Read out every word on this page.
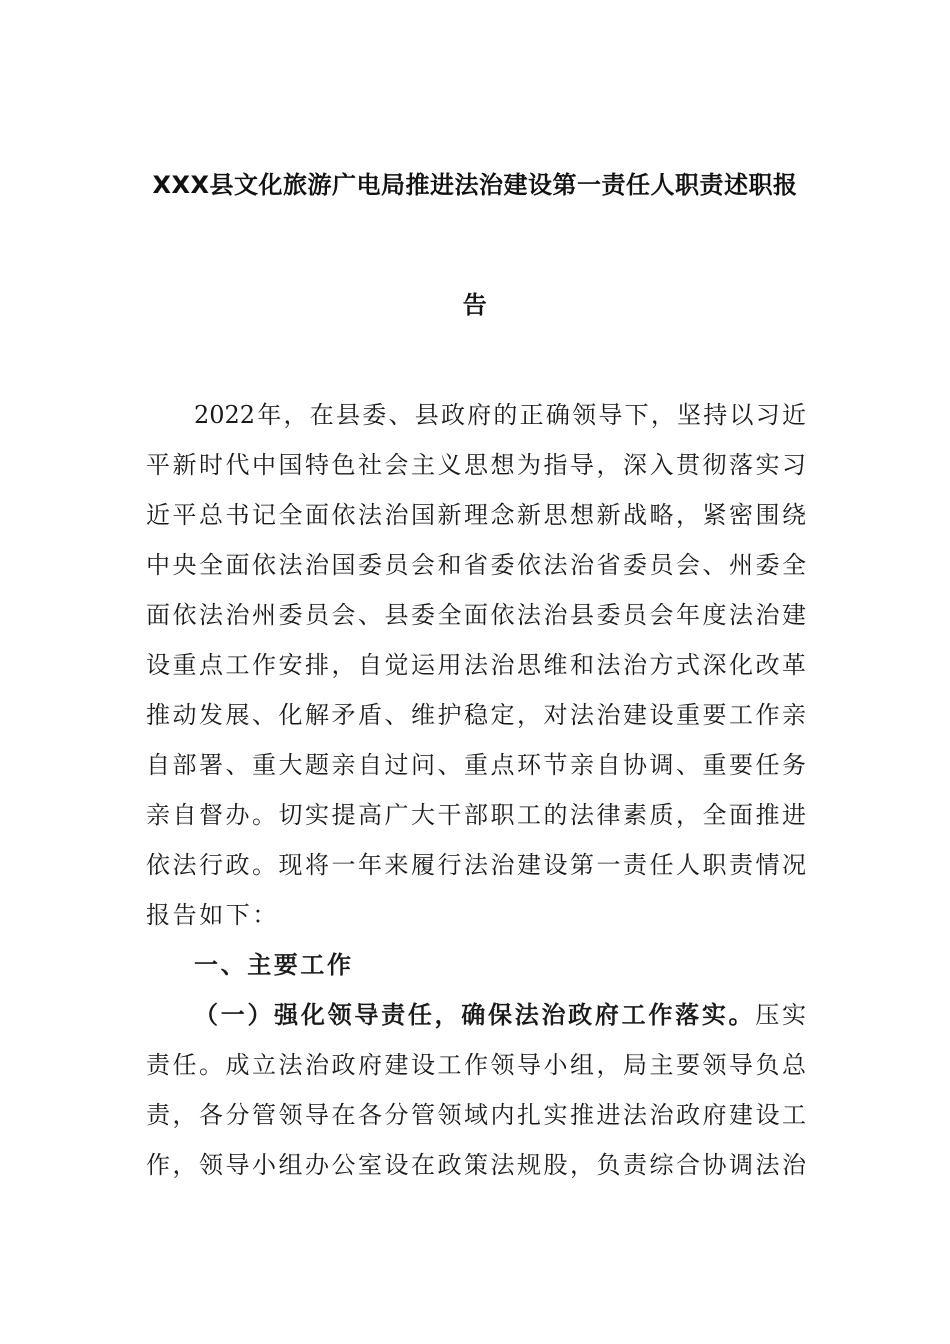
XXX县文化旅游广电局推进法治建设第一责任人职责述职报
告
2022年，在县委、县政府的正确领导下，坚持以习近
平新时代中国特色社会主义思想为指导，深入贯彻落实习
近平总书记全面依法治国新理念新思想新战略，紧密围绕
中央全面依法治国委员会和省委依法治省委员会、州委全
面依法治州委员会、县委全面依法治县委员会年度法治建
设重点工作安排，自觉运用法治思维和法治方式深化改革
推动发展、化解矛盾、维护稳定，对法治建设重要工作亲
自部署、重大题亲自过问、重点环节亲自协调、重要任务
亲自督办。切实提高广大干部职工的法律素质，全面推进
依法行政。现将一年来履行法治建设第一责任人职责情况
报告如下：
一、主要工作
（一）强化领导责任，确保法治政府工作落实。压实
责任。成立法治政府建设工作领导小组，局主要领导负总
责，各分管领导在各分管领域内扎实推进法治政府建设工
作，领导小组办公室设在政策法规股，负责综合协调法治
